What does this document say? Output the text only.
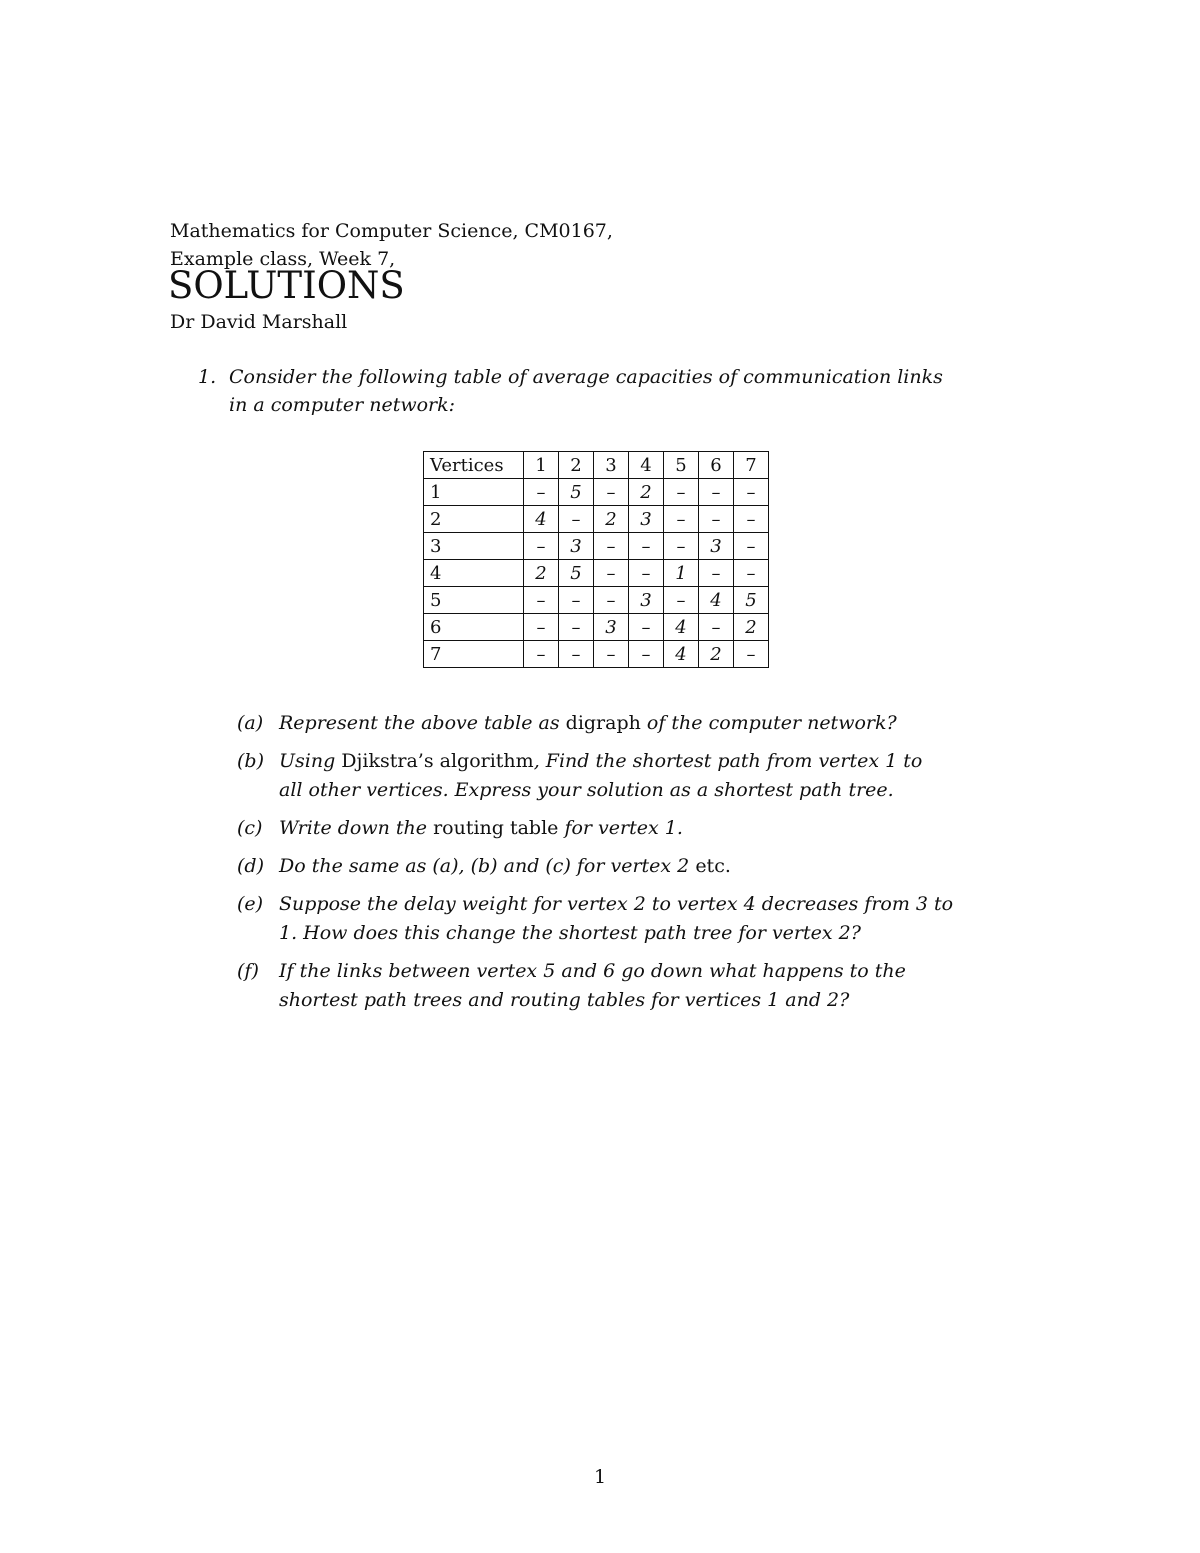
Mathematics for Computer Science, CM0167,
Example class, Week 7,
SOLUTIONS
Dr David Marshall
1. Consider the following table of average capacities of communication links
in a computer network:
Vertices	1	2	3	4	5	6	7
1	–	5	–	2	–	–	–
2	4	–	2	3	–	–	–
3	–	3	–	–	–	3	–
4	2	5	–	–	1	–	–
5	–	–	–	3	–	4	5
6	–	–	3	–	4	–	2
7	–	–	–	–	4	2	–
(a) Represent the above table as digraph of the computer network?
(b) Using Djikstra’s algorithm, Find the shortest path from vertex 1 to
all other vertices. Express your solution as a shortest path tree.
(c) Write down the routing table for vertex 1.
(d) Do the same as (a), (b) and (c) for vertex 2 etc.
(e) Suppose the delay weight for vertex 2 to vertex 4 decreases from 3 to
1. How does this change the shortest path tree for vertex 2?
(f) If the links between vertex 5 and 6 go down what happens to the
shortest path trees and routing tables for vertices 1 and 2?
1
